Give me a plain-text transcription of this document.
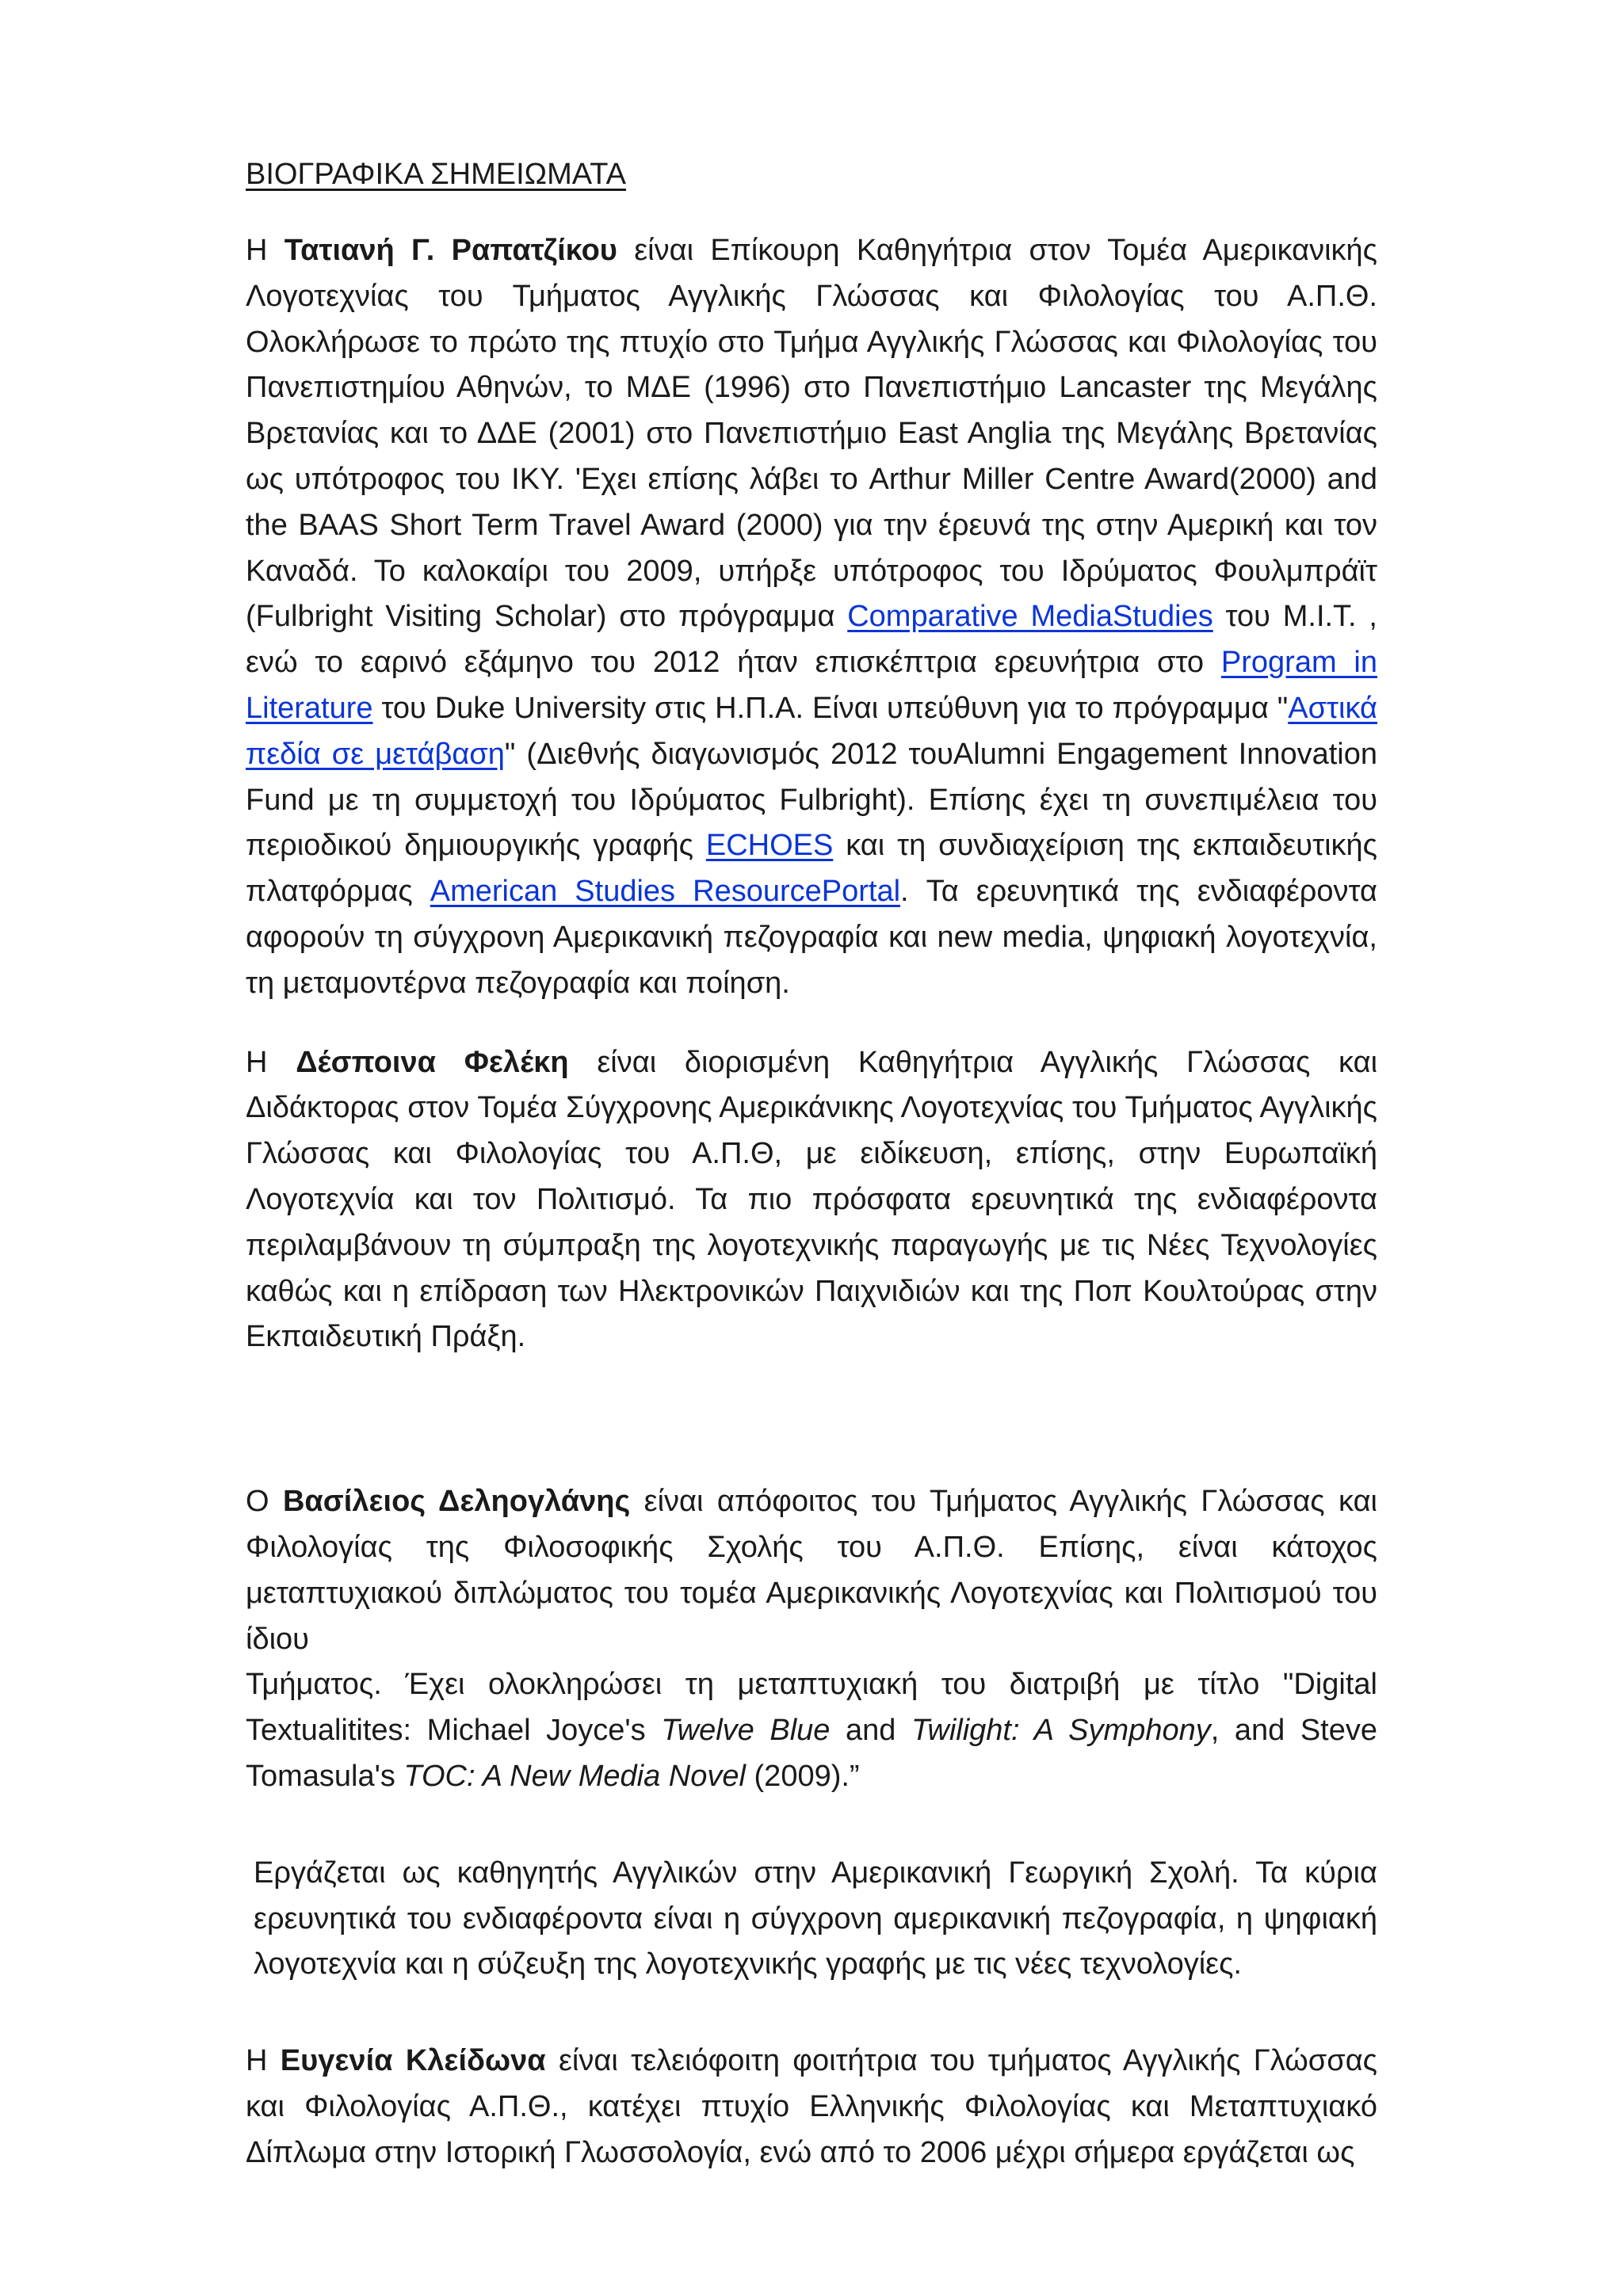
ΒΙΟΓΡΑΦΙΚΑ ΣΗΜΕΙΩΜΑΤΑ

Η Τατιανή Γ. Ραπατζίκου είναι Επίκουρη Καθηγήτρια στον Τομέα Αμερικανικής Λογοτεχνίας του Τμήματος Αγγλικής Γλώσσας και Φιλολογίας του Α.Π.Θ. Ολοκλήρωσε το πρώτο της πτυχίο στο Τμήμα Αγγλικής Γλώσσας και Φιλολογίας του Πανεπιστημίου Αθηνών, το ΜΔΕ (1996) στο Πανεπιστήμιο Lancaster της Μεγάλης Βρετανίας και το ΔΔΕ (2001) στο Πανεπιστήμιο East Anglia της Μεγάλης Βρετανίας ως υπότροφος του ΙΚΥ. 'Εχει επίσης λάβει το Arthur Miller Centre Award(2000) and the BAAS Short Term Travel Award (2000) για την έρευνά της στην Αμερική και τον Καναδά. Το καλοκαίρι του 2009, υπήρξε υπότροφος του Ιδρύματος Φουλμπράϊτ (Fulbright Visiting Scholar) στο πρόγραμμα Comparative MediaStudies του M.I.T. , ενώ το εαρινό εξάμηνο του 2012 ήταν επισκέπτρια ερευνήτρια στο Program in Literature του Duke University στις Η.Π.Α. Είναι υπεύθυνη για το πρόγραμμα "Αστικά πεδία σε μετάβαση" (Διεθνής διαγωνισμός 2012 τουAlumni Engagement Innovation Fund με τη συμμετοχή του Ιδρύματος Fulbright). Επίσης έχει τη συνεπιμέλεια του περιοδικού δημιουργικής γραφής ECHOES και τη συνδιαχείριση της εκπαιδευτικής πλατφόρμας American Studies ResourcePortal. Τα ερευνητικά της ενδιαφέροντα αφορούν τη σύγχρονη Αμερικανική πεζογραφία και new media, ψηφιακή λογοτεχνία, τη μεταμοντέρνα πεζογραφία και ποίηση.

Η Δέσποινα Φελέκη είναι διορισμένη Καθηγήτρια Αγγλικής Γλώσσας και Διδάκτορας στον Τομέα Σύγχρονης Αμερικάνικης Λογοτεχνίας του Τμήματος Αγγλικής Γλώσσας και Φιλολογίας του Α.Π.Θ, με ειδίκευση, επίσης, στην Ευρωπαϊκή Λογοτεχνία και τον Πολιτισμό. Τα πιο πρόσφατα ερευνητικά της ενδιαφέροντα περιλαμβάνουν τη σύμπραξη της λογοτεχνικής παραγωγής με τις Νέες Τεχνολογίες καθώς και η επίδραση των Ηλεκτρονικών Παιχνιδιών και της Ποπ Κουλτούρας στην Εκπαιδευτική Πράξη.

Ο Βασίλειος Δεληογλάνης είναι απόφοιτος του Τμήματος Αγγλικής Γλώσσας και Φιλολογίας της Φιλοσοφικής Σχολής του Α.Π.Θ. Επίσης, είναι κάτοχος μεταπτυχιακού διπλώματος του τομέα Αμερικανικής Λογοτεχνίας και Πολιτισμού του ίδιου

Τμήματος. Έχει ολοκληρώσει τη μεταπτυχιακή του διατριβή με τίτλο "Digital Textualitites: Michael Joyce's Twelve Blue and Twilight: A Symphony, and Steve Tomasula's TOC: A New Media Novel (2009).”

Εργάζεται ως καθηγητής Αγγλικών στην Αμερικανική Γεωργική Σχολή. Τα κύρια ερευνητικά του ενδιαφέροντα είναι η σύγχρονη αμερικανική πεζογραφία, η ψηφιακή λογοτεχνία και η σύζευξη της λογοτεχνικής γραφής με τις νέες τεχνολογίες.

Η Ευγενία Κλείδωνα είναι τελειόφοιτη φοιτήτρια του τμήματος Αγγλικής Γλώσσας και Φιλολογίας Α.Π.Θ., κατέχει πτυχίο Ελληνικής Φιλολογίας και Μεταπτυχιακό Δίπλωμα στην Ιστορική Γλωσσολογία, ενώ από το 2006 μέχρι σήμερα εργάζεται ως
